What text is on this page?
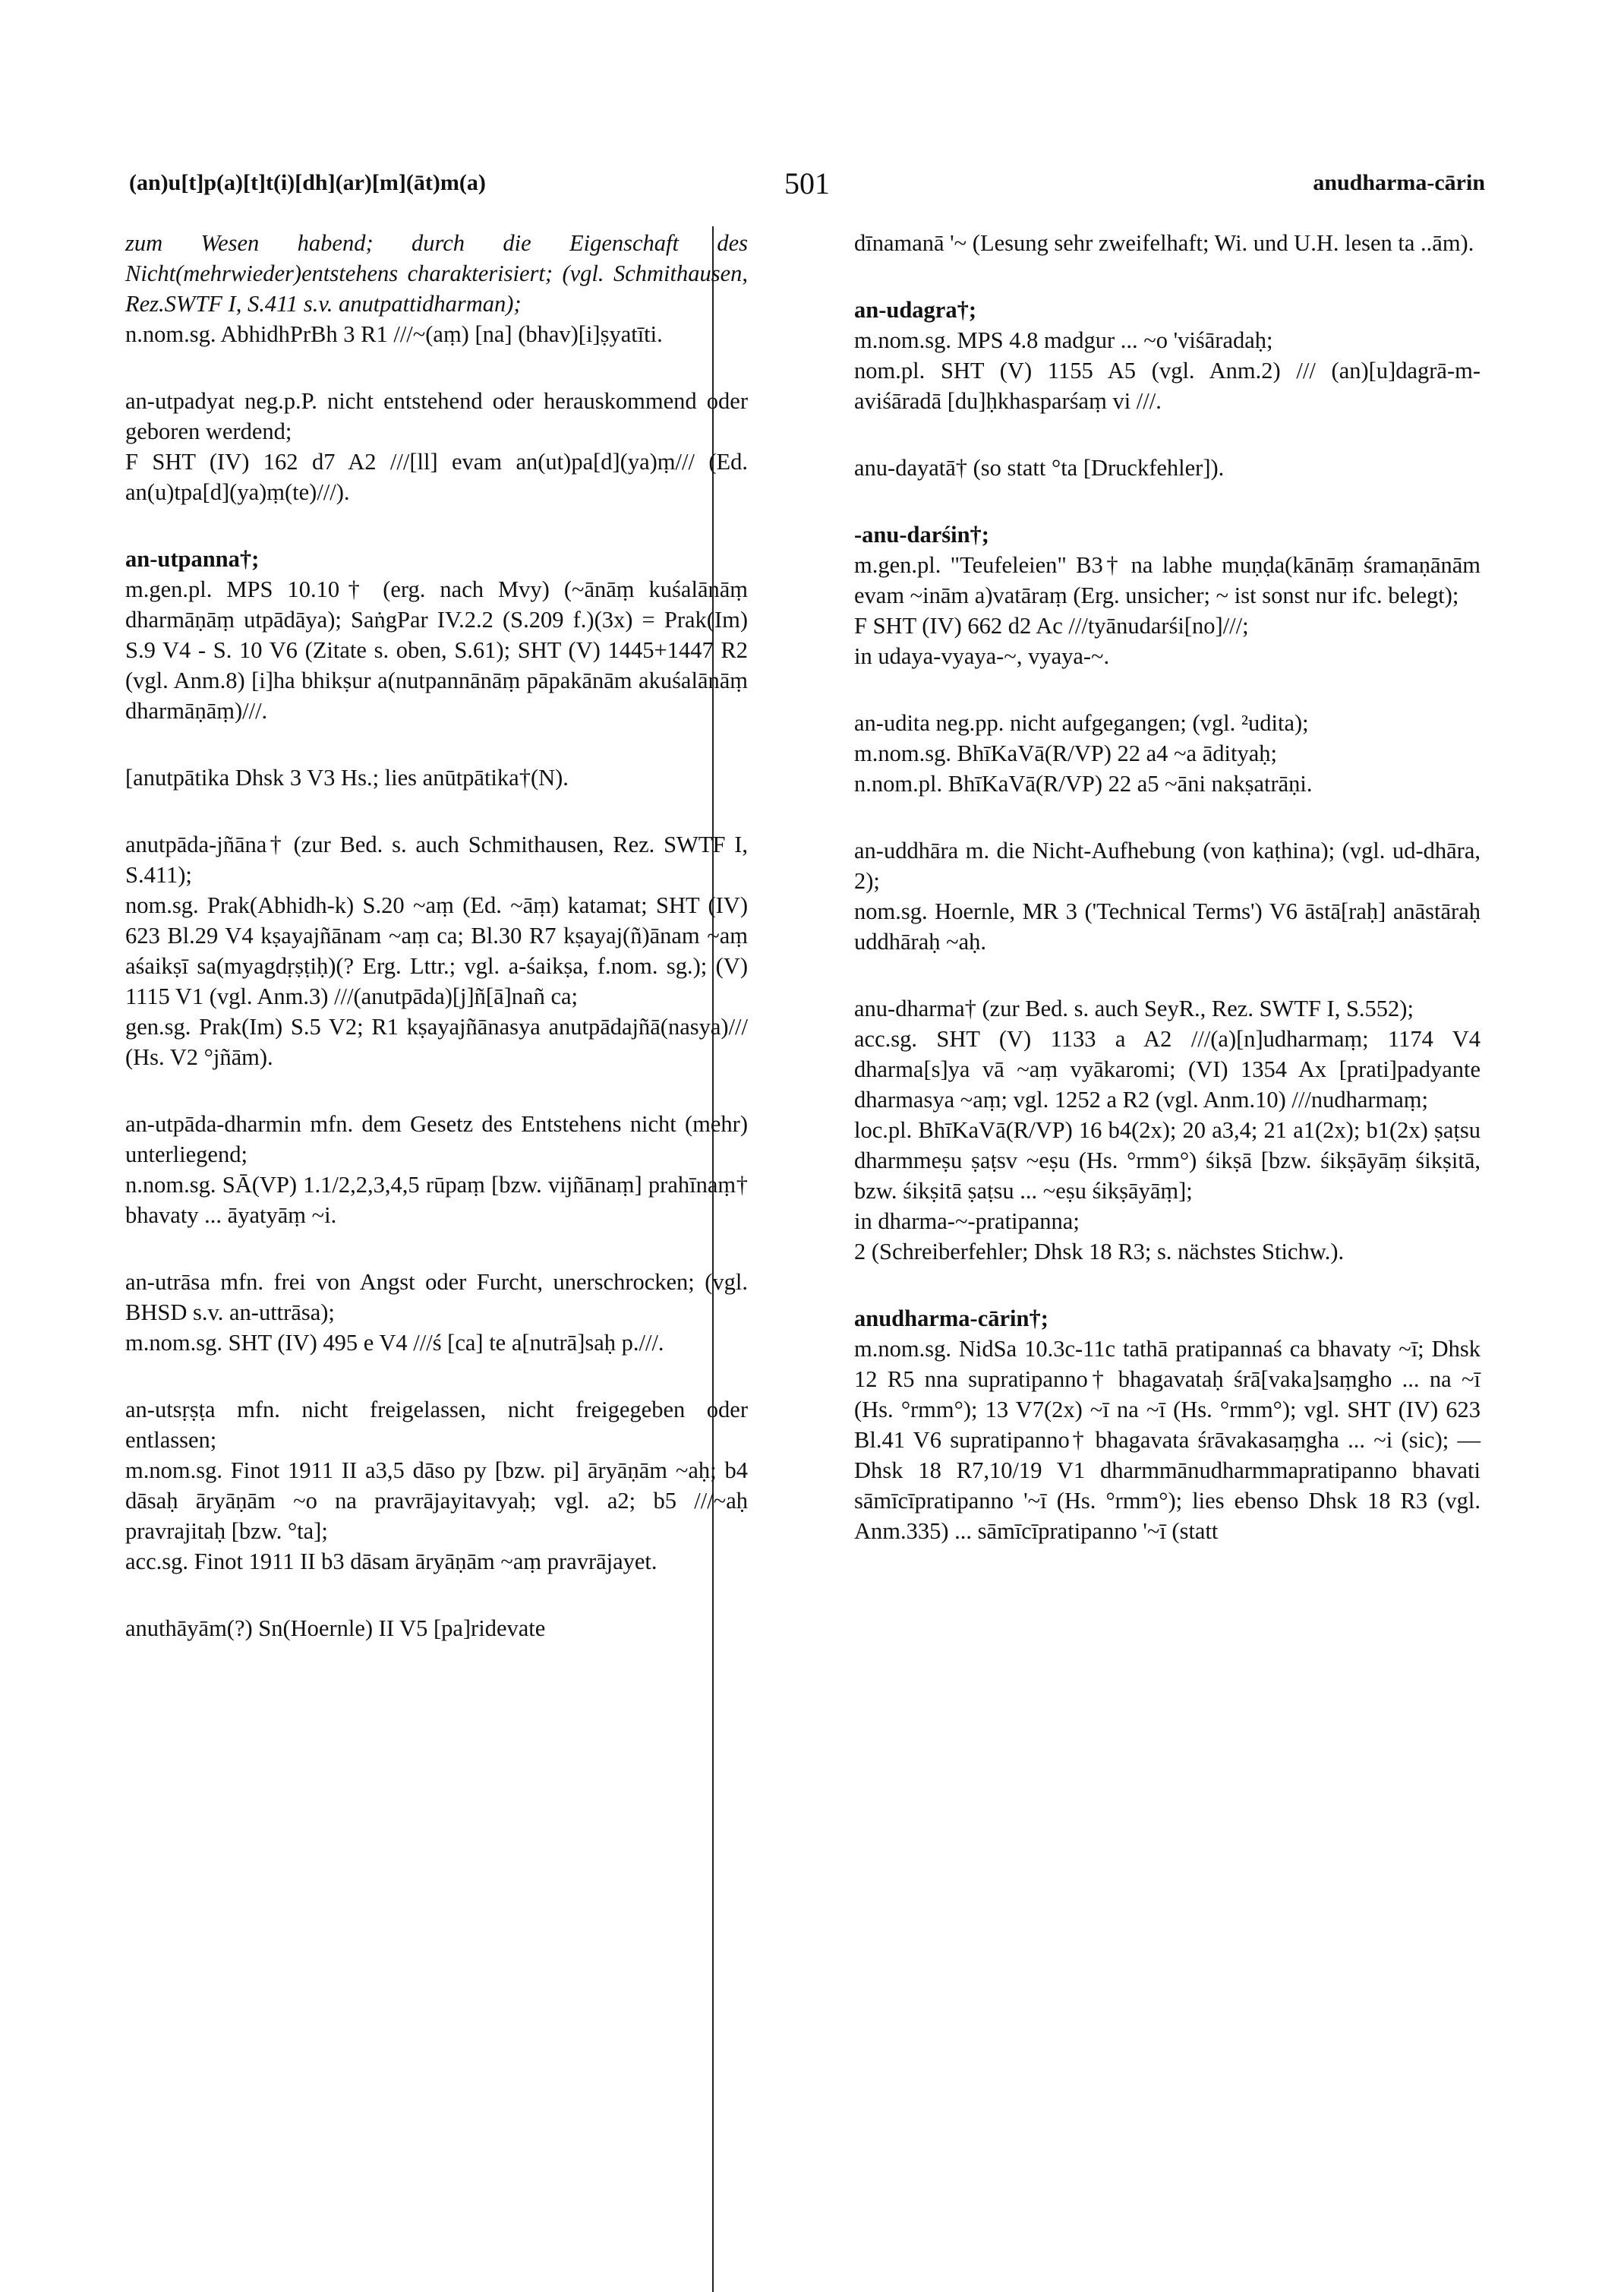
(an)u[t]p(a)[t]t(i)[dh](ar)[m](āt)m(a)	501	anudharma-cārin

zum Wesen habend; durch die Eigenschaft des Nicht(mehrwieder)entstehens charakterisiert; (vgl. Schmithausen, Rez.SWTF I, S.411 s.v. anutpattidharman);

n.nom.sg. AbhidhPrBh 3 R1 ///~(aṃ) [na] (bhav)[i]ṣyatīti.

an-utpadyat neg.p.P. nicht entstehend oder herauskommend oder geboren werdend;

F SHT (IV) 162 d7 A2 ///[ll] evam an(ut)pa[d](ya)ṃ/// (Ed. an(u)tpa[d](ya)ṃ(te)///).

an-utpanna†;

m.gen.pl. MPS 10.10† (erg. nach Mvy) (~ānāṃ kuśalānāṃ dharmāṇāṃ utpādāya); SaṅgPar IV.2.2 (S.209 f.)(3x) = Prak(Im) S.9 V4 - S. 10 V6 (Zitate s. oben, S.61); SHT (V) 1445+1447 R2 (vgl. Anm.8) [i]ha bhikṣur a(nutpannānāṃ pāpakānām akuśalānāṃ dharmāṇāṃ)///.

[anutpātika Dhsk 3 V3 Hs.; lies anūtpātika†(N).

anutpāda-jñāna† (zur Bed. s. auch Schmithausen, Rez. SWTF I, S.411);

nom.sg. Prak(Abhidh-k) S.20 ~aṃ (Ed. ~āṃ) katamat; SHT (IV) 623 Bl.29 V4 kṣayajñānam ~aṃ ca; Bl.30 R7 kṣayaj(ñ)ānam ~aṃ aśaikṣī sa(myagdṛṣṭiḥ)(? Erg. Lttr.; vgl. a-śaikṣa, f.nom. sg.); (V) 1115 V1 (vgl. Anm.3) ///(anutpāda)[j]ñ[ā]nañ ca;

gen.sg. Prak(Im) S.5 V2; R1 kṣayajñānasya anutpādajñā(nasya)/// (Hs. V2 °jñām).

an-utpāda-dharmin mfn. dem Gesetz des Entstehens nicht (mehr) unterliegend;

n.nom.sg. SĀ(VP) 1.1/2,2,3,4,5 rūpaṃ [bzw. vijñānaṃ] prahīnaṃ† bhavaty ... āyatyāṃ ~i.

an-utrāsa mfn. frei von Angst oder Furcht, unerschrocken; (vgl. BHSD s.v. an-uttrāsa);

m.nom.sg. SHT (IV) 495 e V4 ///ś [ca] te a[nutrā]saḥ p.///.

an-utsṛṣṭa mfn. nicht freigelassen, nicht freigegeben oder entlassen;

m.nom.sg. Finot 1911 II a3,5 dāso py [bzw. pi] āryāṇām ~aḥ; b4 dāsaḥ āryāṇām ~o na pravrājayitavyaḥ; vgl. a2; b5 ///~aḥ pravrajitaḥ [bzw. °ta];

acc.sg. Finot 1911 II b3 dāsam āryāṇām ~aṃ pravrājayet.

anuthāyām(?) Sn(Hoernle) II V5 [pa]ridevate

dīnamanā '~ (Lesung sehr zweifelhaft; Wi. und U.H. lesen ta ..ām).

an-udagra†;

m.nom.sg. MPS 4.8 madgur ... ~o 'viśāradaḥ;

nom.pl. SHT (V) 1155 A5 (vgl. Anm.2) /// (an)[u]dagrā-m-aviśāradā [du]ḥkhasparśaṃ vi ///.

anu-dayatā† (so statt °ta [Druckfehler]).

-anu-darśin†;

m.gen.pl. "Teufeleien" B3† na labhe muṇḍa(kānāṃ śramaṇānām evam ~inām a)vatāraṃ (Erg. unsicher; ~ ist sonst nur ifc. belegt);

F SHT (IV) 662 d2 Ac ///tyānudarśi[no]///;

in udaya-vyaya-~, vyaya-~.

an-udita neg.pp. nicht aufgegangen; (vgl. ²udita);

m.nom.sg. BhīKaVā(R/VP) 22 a4 ~a ādityaḥ;

n.nom.pl. BhīKaVā(R/VP) 22 a5 ~āni nakṣatrāṇi.

an-uddhāra m. die Nicht-Aufhebung (von kaṭhina); (vgl. ud-dhāra, 2);

nom.sg. Hoernle, MR 3 ('Technical Terms') V6 āstā[raḥ] anāstāraḥ uddhāraḥ ~aḥ.

anu-dharma† (zur Bed. s. auch SeyR., Rez. SWTF I, S.552);

acc.sg. SHT (V) 1133 a A2 ///(a)[n]udharmaṃ; 1174 V4 dharma[s]ya vā ~aṃ vyākaromi; (VI) 1354 Ax [prati]padyante dharmasya ~aṃ; vgl. 1252 a R2 (vgl. Anm.10) ///nudharmaṃ;

loc.pl. BhīKaVā(R/VP) 16 b4(2x); 20 a3,4; 21 a1(2x); b1(2x) ṣaṭsu dharmmeṣu ṣaṭsv ~eṣu (Hs. °rmm°) śikṣā [bzw. śikṣāyāṃ śikṣitā, bzw. śikṣitā ṣaṭsu ... ~eṣu śikṣāyāṃ];

in dharma-~-pratipanna;

2 (Schreiberfehler; Dhsk 18 R3; s. nächstes Stichw.).

anudharma-cārin†;

m.nom.sg. NidSa 10.3c-11c tathā pratipannaś ca bhavaty ~ī; Dhsk 12 R5 nna supratipanno† bhagavataḥ śrā[vaka]saṃgho ... na ~ī (Hs. °rmm°); 13 V7(2x) ~ī na ~ī (Hs. °rmm°); vgl. SHT (IV) 623 Bl.41 V6 supratipanno† bhagavata śrāvakasaṃgha ... ~i (sic); — Dhsk 18 R7,10/19 V1 dharmmānudharmmapratipanno bhavati sāmīcīpratipanno '~ī (Hs. °rmm°); lies ebenso Dhsk 18 R3 (vgl. Anm.335) ... sāmīcīpratipanno '~ī (statt
